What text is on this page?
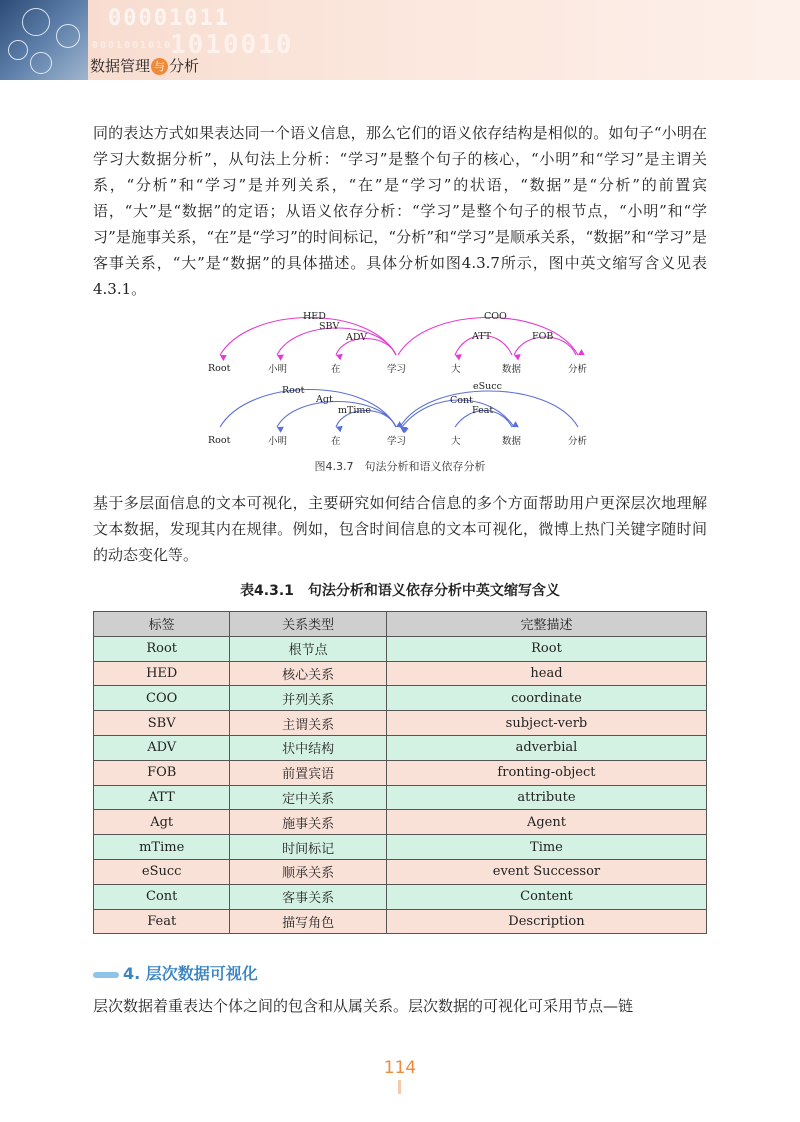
00001011
1010010
0001001010
数据管理 与 分析

同的表达方式如果表达同一个语义信息，那么它们的语义依存结构是相似的。如句子“小明在学习大数据分析”，从句法上分析：“学习”是整个句子的核心，“小明”和“学习”是主谓关系，“分析”和“学习”是并列关系，“在”是“学习”的状语，“数据”是“分析”的前置宾语，“大”是“数据”的定语；从语义依存分析：“学习”是整个句子的根节点，“小明”和“学习”是施事关系，“在”是“学习”的时间标记，“分析”和“学习”是顺承关系，“数据”和“学习”是客事关系，“大”是“数据”的具体描述。具体分析如图4.3.7所示，图中英文缩写含义见表4.3.1。

HED
SBV
ADV
COO
ATT	FOB
Root	小明	在	学习	大	数据	分析
Root
Agt
mTime
eSucc
Cont
Feat
Root	小明	在	学习	大	数据	分析
图4.3.7　句法分析和语义依存分析

基于多层面信息的文本可视化，主要研究如何结合信息的多个方面帮助用户更深层次地理解文本数据，发现其内在规律。例如，包含时间信息的文本可视化，微博上热门关键字随时间的动态变化等。

表4.3.1　句法分析和语义依存分析中英文缩写含义
标签	关系类型	完整描述
Root	根节点	Root
HED	核心关系	head
COO	并列关系	coordinate
SBV	主谓关系	subject-verb
ADV	状中结构	adverbial
FOB	前置宾语	fronting-object
ATT	定中关系	attribute
Agt	施事关系	Agent
mTime	时间标记	Time
eSucc	顺承关系	event Successor
Cont	客事关系	Content
Feat	描写角色	Description
4. 层次数据可视化

层次数据着重表达个体之间的包含和从属关系。层次数据的可视化可采用节点—链

114
